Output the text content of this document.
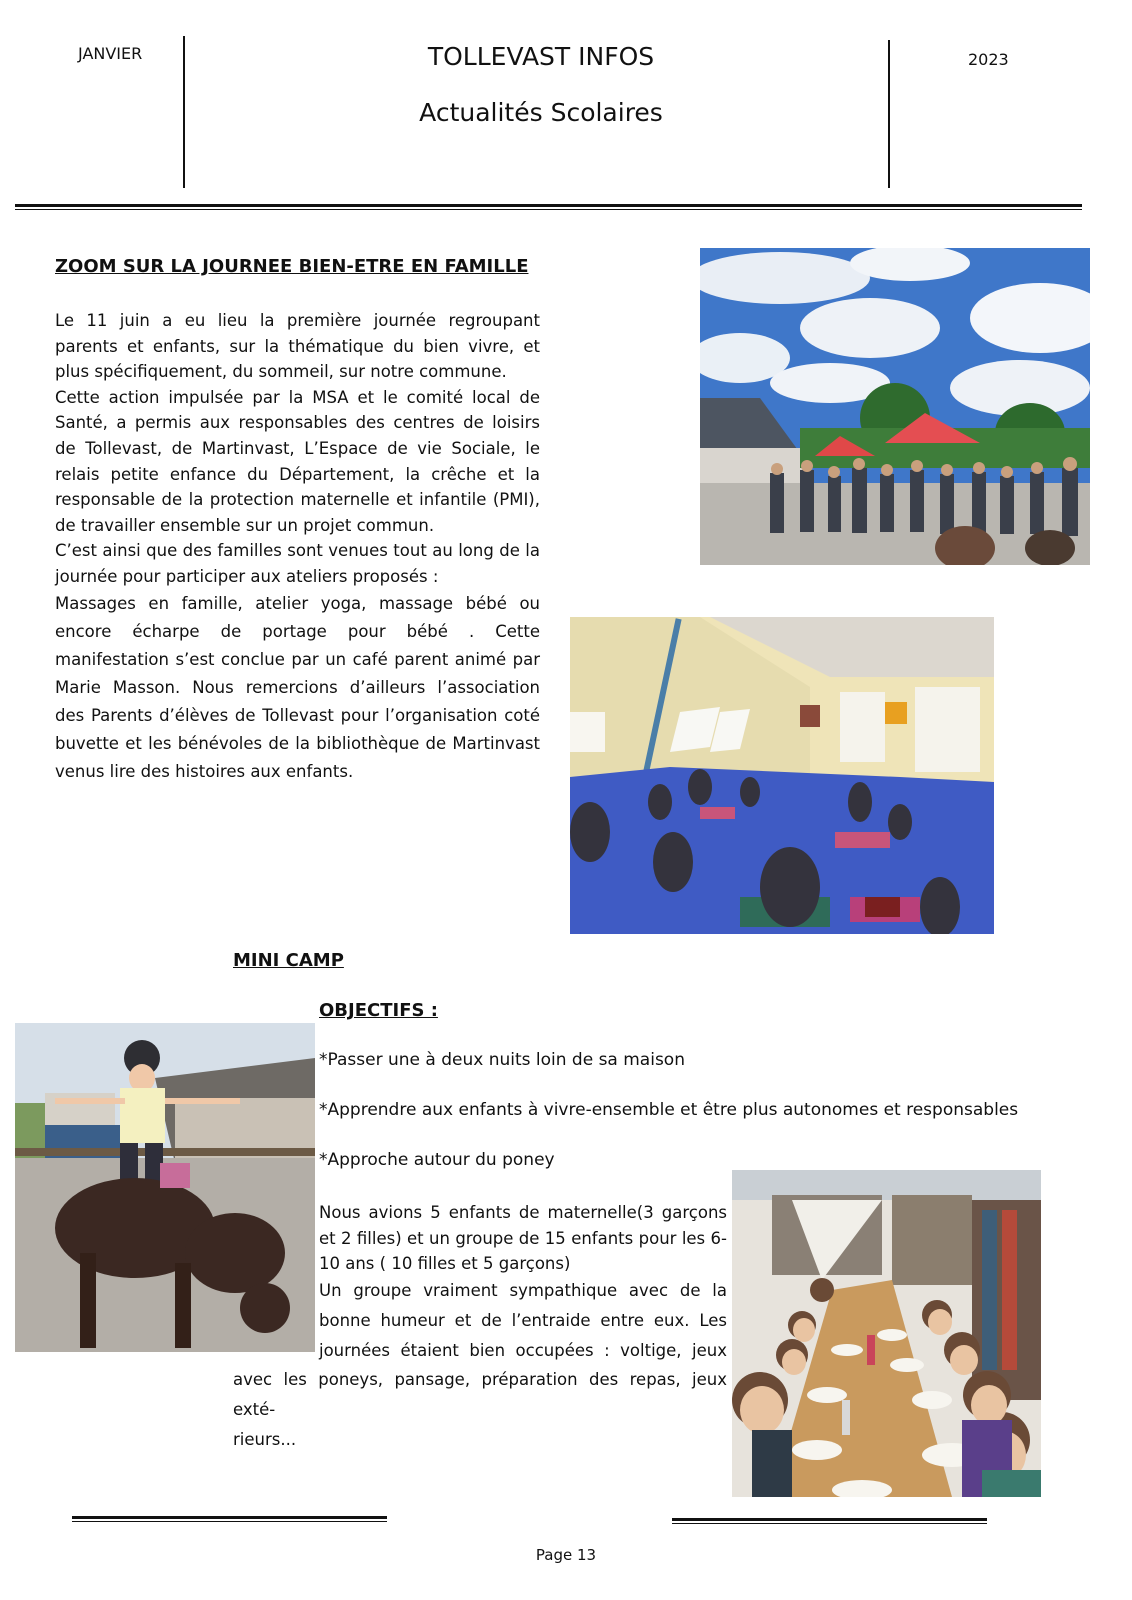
JANVIER	TOLLEVAST INFOS
Actualités Scolaires
2023
ZOOM SUR LA JOURNEE BIEN-ETRE EN FAMILLE

Le 11 juin a eu lieu la première journée regroupant parents et enfants, sur la thématique du bien vivre, et plus spécifiquement, du sommeil, sur notre commune.

Cette action impulsée par la MSA et le comité local de Santé, a permis aux responsables des centres de loisirs de Tollevast, de Martinvast, L’Espace de vie Sociale, le relais petite enfance du Département, la crêche et la responsable de la protection maternelle et infantile (PMI), de travailler ensemble sur un projet commun.

C’est ainsi que des familles sont venues tout au long de la journée pour participer aux ateliers proposés :

Massages en famille, atelier yoga, massage bébé ou encore écharpe de portage pour bébé . Cette manifestation s’est conclue par un café parent animé par Marie Masson. Nous remercions d’ailleurs l’association des Parents d’élèves de Tollevast pour l’organisation coté buvette et les bénévoles de la bibliothèque de Martinvast venus lire des histoires aux enfants.

MINI CAMP
OBJECTIFS :
*Passer une à deux nuits loin de sa maison
*Apprendre aux enfants à vivre-ensemble et être plus autonomes et responsables
*Approche autour du poney
Nous avions 5 enfants de maternelle(3 garçons et 2 filles) et un groupe de 15 enfants pour les 6-10 ans ( 10 filles et 5 garçons)

Un groupe vraiment sympathique avec de la

bonne humeur et de l’entraide entre eux. Les

journées étaient bien occupées : voltige, jeux

avec les poneys, pansage, préparation des repas, jeux exté-

rieurs...

Page 13
